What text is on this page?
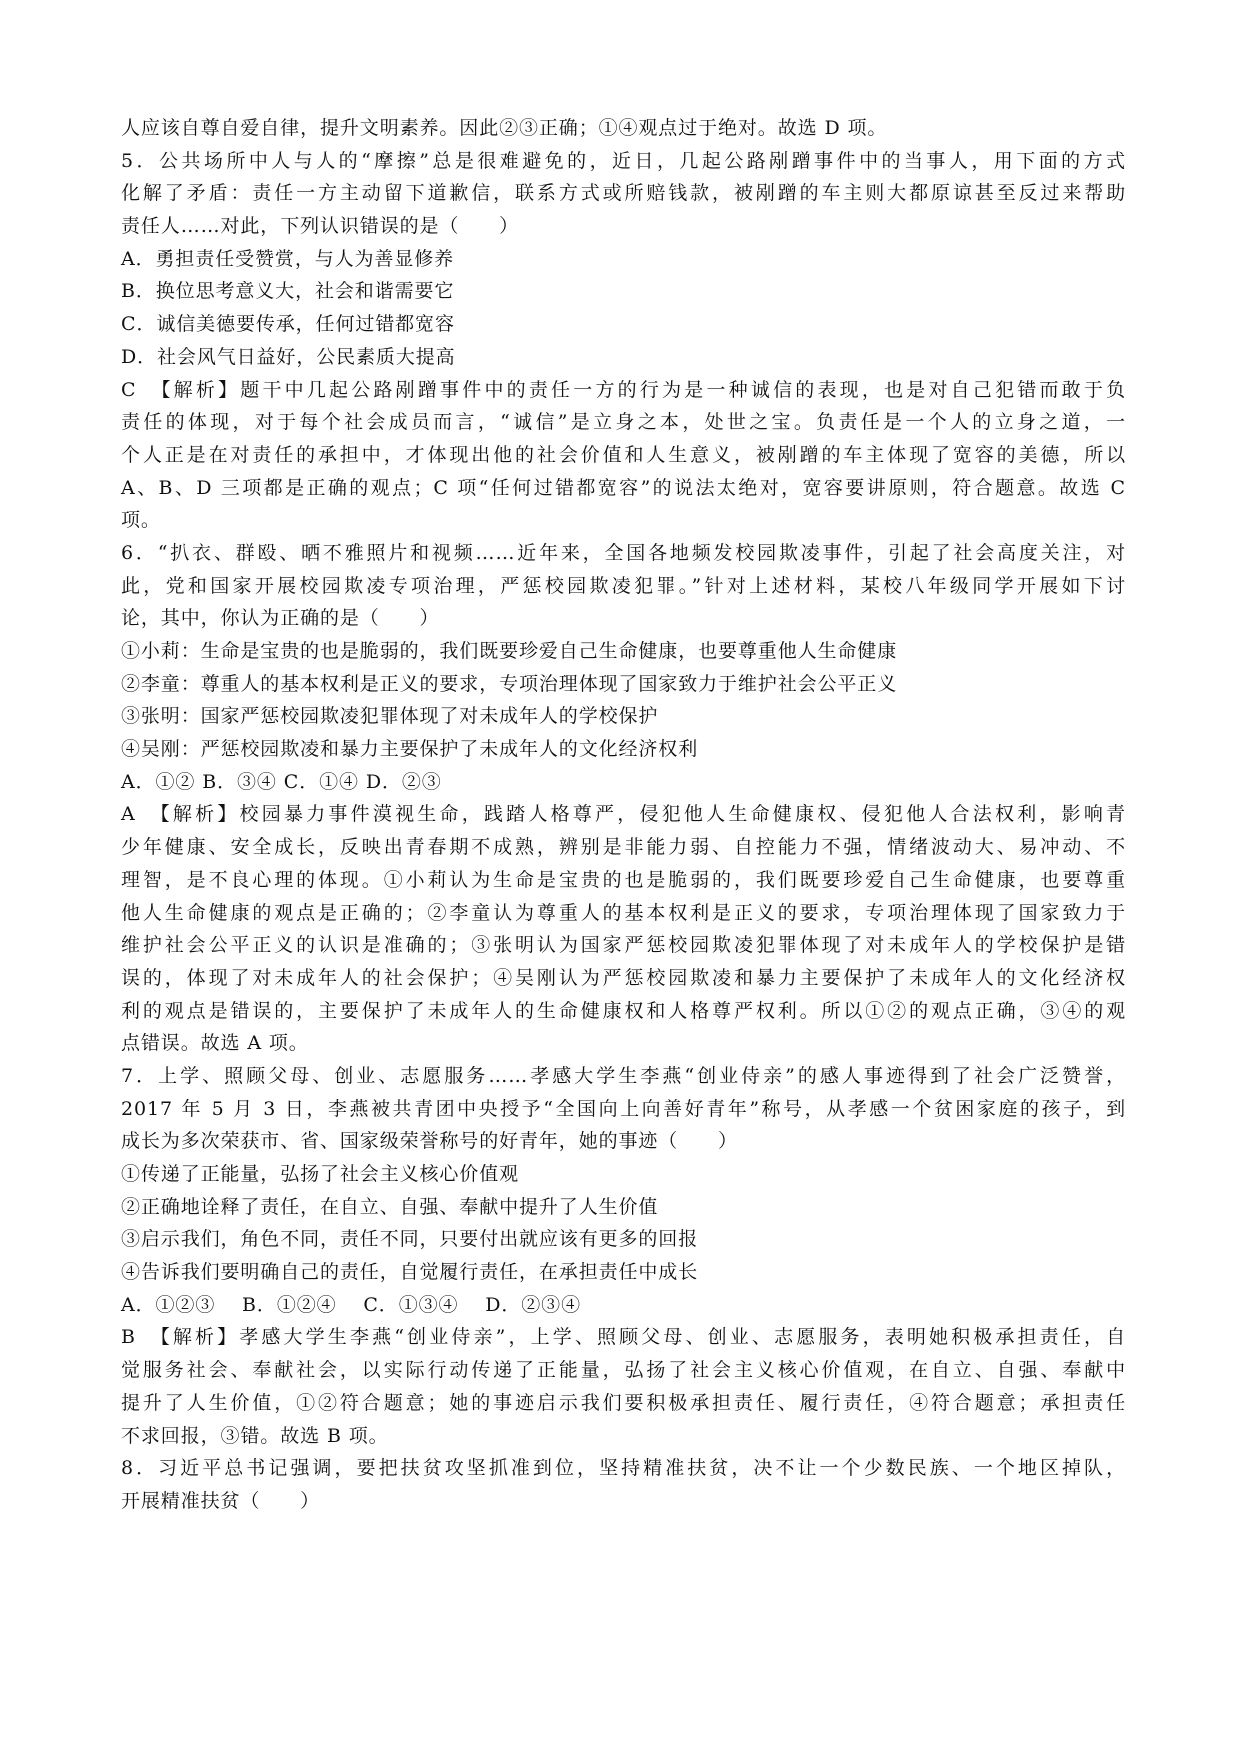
人应该自尊自爱自律，提升文明素养。因此②③正确；①④观点过于绝对。故选 D 项。
5．公共场所中人与人的“摩擦”总是很难避免的，近日，几起公路剐蹭事件中的当事人，用下面的方式
化解了矛盾：责任一方主动留下道歉信，联系方式或所赔钱款，被剐蹭的车主则大都原谅甚至反过来帮助
责任人……对此，下列认识错误的是（　　）
A．勇担责任受赞赏，与人为善显修养
B．换位思考意义大，社会和谐需要它
C．诚信美德要传承，任何过错都宽容
D．社会风气日益好，公民素质大提高
C　【解析】题干中几起公路剐蹭事件中的责任一方的行为是一种诚信的表现，也是对自己犯错而敢于负
责任的体现，对于每个社会成员而言，“诚信”是立身之本，处世之宝。负责任是一个人的立身之道，一
个人正是在对责任的承担中，才体现出他的社会价值和人生意义，被剐蹭的车主体现了宽容的美德，所以
A、B、D 三项都是正确的观点；C 项“任何过错都宽容”的说法太绝对，宽容要讲原则，符合题意。故选 C
项。
6．“扒衣、群殴、晒不雅照片和视频……近年来，全国各地频发校园欺凌事件，引起了社会高度关注，对
此，党和国家开展校园欺凌专项治理，严惩校园欺凌犯罪。”针对上述材料，某校八年级同学开展如下讨
论，其中，你认为正确的是（　　）
①小莉：生命是宝贵的也是脆弱的，我们既要珍爱自己生命健康，也要尊重他人生命健康
②李童：尊重人的基本权利是正义的要求，专项治理体现了国家致力于维护社会公平正义
③张明：国家严惩校园欺凌犯罪体现了对未成年人的学校保护
④吴刚：严惩校园欺凌和暴力主要保护了未成年人的文化经济权利
A．①② B．③④ C．①④ D．②③
A　【解析】校园暴力事件漠视生命，践踏人格尊严，侵犯他人生命健康权、侵犯他人合法权利，影响青
少年健康、安全成长，反映出青春期不成熟，辨别是非能力弱、自控能力不强，情绪波动大、易冲动、不
理智，是不良心理的体现。①小莉认为生命是宝贵的也是脆弱的，我们既要珍爱自己生命健康，也要尊重
他人生命健康的观点是正确的；②李童认为尊重人的基本权利是正义的要求，专项治理体现了国家致力于
维护社会公平正义的认识是准确的；③张明认为国家严惩校园欺凌犯罪体现了对未成年人的学校保护是错
误的，体现了对未成年人的社会保护；④吴刚认为严惩校园欺凌和暴力主要保护了未成年人的文化经济权
利的观点是错误的，主要保护了未成年人的生命健康权和人格尊严权利。所以①②的观点正确，③④的观
点错误。故选 A 项。
7．上学、照顾父母、创业、志愿服务……孝感大学生李燕“创业侍亲”的感人事迹得到了社会广泛赞誉，
2017 年 5 月 3 日，李燕被共青团中央授予“全国向上向善好青年”称号，从孝感一个贫困家庭的孩子，到
成长为多次荣获市、省、国家级荣誉称号的好青年，她的事迹（　　）
①传递了正能量，弘扬了社会主义核心价值观
②正确地诠释了责任，在自立、自强、奉献中提升了人生价值
③启示我们，角色不同，责任不同，只要付出就应该有更多的回报
④告诉我们要明确自己的责任，自觉履行责任，在承担责任中成长
A．①②③　 B．①②④　 C．①③④　 D．②③④
B　【解析】孝感大学生李燕“创业侍亲”，上学、照顾父母、创业、志愿服务，表明她积极承担责任，自
觉服务社会、奉献社会，以实际行动传递了正能量，弘扬了社会主义核心价值观，在自立、自强、奉献中
提升了人生价值，①②符合题意；她的事迹启示我们要积极承担责任、履行责任，④符合题意；承担责任
不求回报，③错。故选 B 项。
8．习近平总书记强调，要把扶贫攻坚抓准到位，坚持精准扶贫，决不让一个少数民族、一个地区掉队，
开展精准扶贫（　　）
